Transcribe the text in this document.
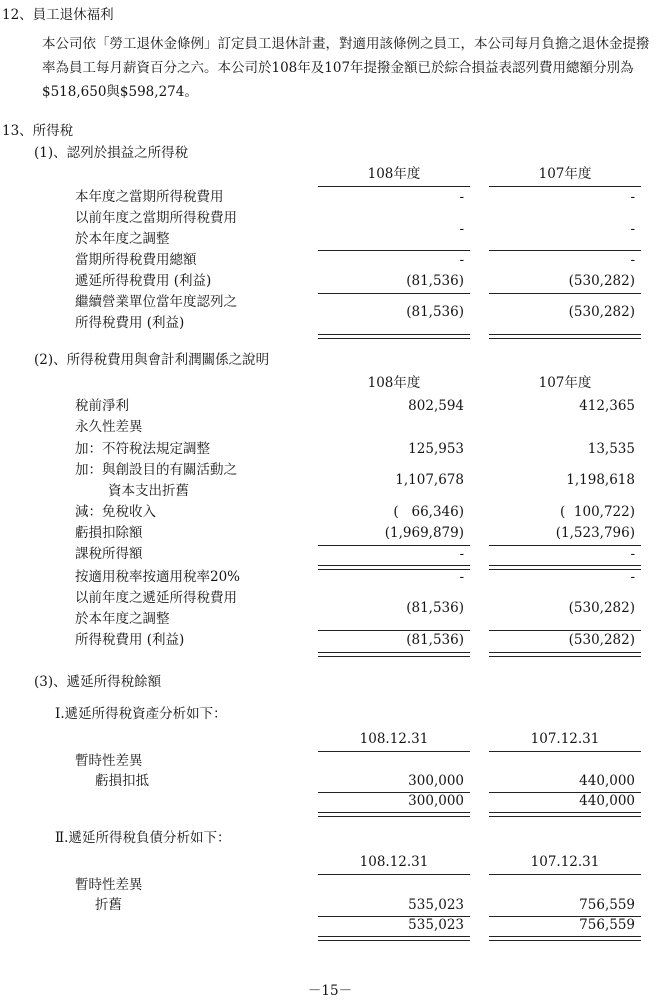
12、員工退休福利
本公司依「勞工退休金條例」訂定員工退休計畫，對適用該條例之員工，本公司每月負擔之退休金提撥率為員工每月薪資百分之六。本公司於108年及107年提撥金額已於綜合損益表認列費用總額分別為$518,650與$598,274。
13、所得稅
(1)、認列於損益之所得稅
108年度	107年度
本年度之當期所得稅費用	-	-
以前年度之當期所得稅費用
於本年度之調整
-	-
當期所得稅費用總額	-	-
遞延所得稅費用 (利益)	(81,536)	(530,282)
繼續營業單位當年度認列之
所得稅費用 (利益)
(81,536)	(530,282)
(2)、所得稅費用與會計利潤關係之說明
108年度	107年度
稅前淨利	802,594	412,365
永久性差異
加：不符稅法規定調整	125,953	13,535
加：與創設目的有關活動之
資本支出折舊
1,107,678	1,198,618
減：免稅收入	(   66,346)	(  100,722)
虧損扣除額	(1,969,879)	(1,523,796)
課稅所得額	-	-
按適用稅率按適用稅率20%	-	-
以前年度之遞延所得稅費用
於本年度之調整
(81,536)	(530,282)
所得稅費用 (利益)	(81,536)	(530,282)
(3)、遞延所得稅餘額
Ⅰ.遞延所得稅資產分析如下：
108.12.31	107.12.31
暫時性差異
虧損扣抵	300,000	440,000
300,000	440,000
Ⅱ.遞延所得稅負債分析如下：
108.12.31	107.12.31
暫時性差異
折舊	535,023	756,559
535,023	756,559
－15－
